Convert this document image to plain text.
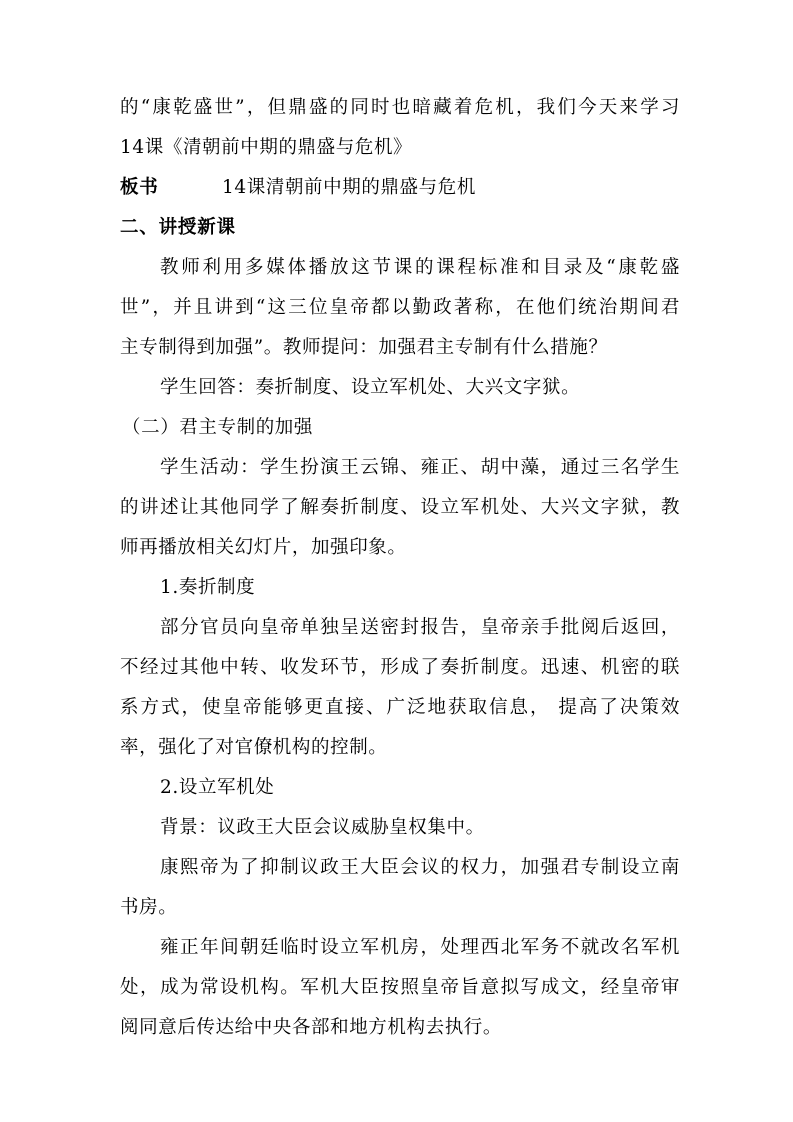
的“康乾盛世”，但鼎盛的同时也暗藏着危机，我们今天来学习
14课《清朝前中期的鼎盛与危机》
板书	14课清朝前中期的鼎盛与危机
二、讲授新课
教师利用多媒体播放这节课的课程标准和目录及“康乾盛
世”，并且讲到“这三位皇帝都以勤政著称，在他们统治期间君
主专制得到加强”。教师提问：加强君主专制有什么措施？
学生回答：奏折制度、设立军机处、大兴文字狱。
（二）君主专制的加强
学生活动：学生扮演王云锦、雍正、胡中藻，通过三名学生
的讲述让其他同学了解奏折制度、设立军机处、大兴文字狱，教
师再播放相关幻灯片，加强印象。
1.奏折制度
部分官员向皇帝单独呈送密封报告，皇帝亲手批阅后返回，
不经过其他中转、收发环节，形成了奏折制度。迅速、机密的联
系方式，使皇帝能够更直接、广泛地获取信息， 提高了决策效
率，强化了对官僚机构的控制。
2.设立军机处
背景：议政王大臣会议威胁皇权集中。
康熙帝为了抑制议政王大臣会议的权力，加强君专制设立南
书房。
雍正年间朝廷临时设立军机房，处理西北军务不就改名军机
处，成为常设机构。军机大臣按照皇帝旨意拟写成文，经皇帝审
阅同意后传达给中央各部和地方机构去执行。
